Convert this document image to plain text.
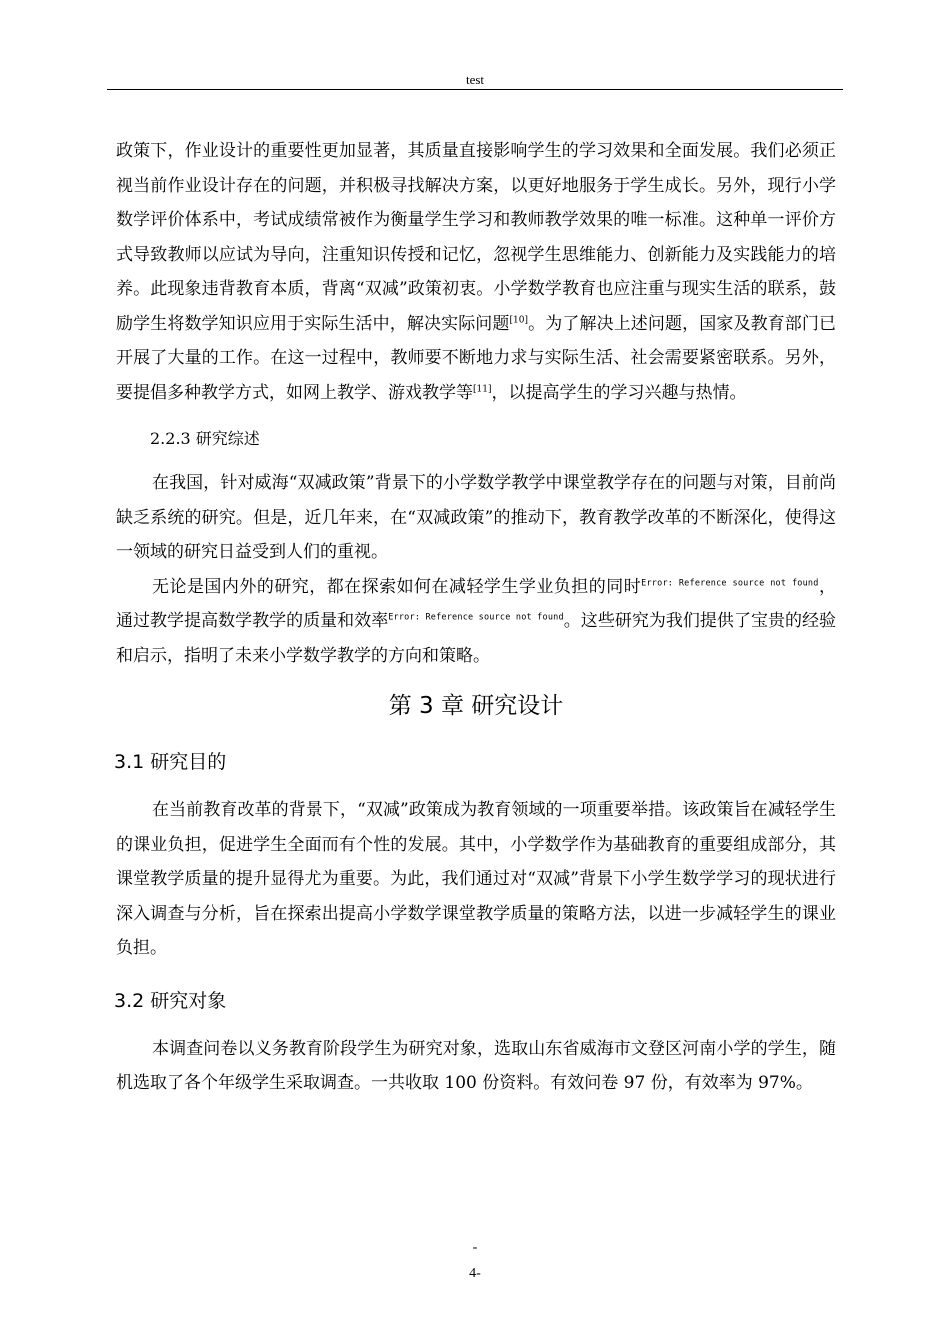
test

政策下，作业设计的重要性更加显著，其质量直接影响学生的学习效果和全面发展。我们必须正视当前作业设计存在的问题，并积极寻找解决方案，以更好地服务于学生成长。另外，现行小学数学评价体系中，考试成绩常被作为衡量学生学习和教师教学效果的唯一标准。这种单一评价方式导致教师以应试为导向，注重知识传授和记忆，忽视学生思维能力、创新能力及实践能力的培养。此现象违背教育本质，背离“双减”政策初衷。小学数学教育也应注重与现实生活的联系，鼓励学生将数学知识应用于实际生活中，解决实际问题[10]。为了解决上述问题，国家及教育部门已开展了大量的工作。在这一过程中，教师要不断地力求与实际生活、社会需要紧密联系。另外，要提倡多种教学方式，如网上教学、游戏教学等[11]，以提高学生的学习兴趣与热情。

2.2.3 研究综述

在我国，针对威海“双减政策”背景下的小学数学教学中课堂教学存在的问题与对策，目前尚缺乏系统的研究。但是，近几年来，在“双减政策”的推动下，教育教学改革的不断深化，使得这一领域的研究日益受到人们的重视。

无论是国内外的研究，都在探索如何在减轻学生学业负担的同时$^{Error: Reference source not found}$，通过教学提高数学教学的质量和效率$^{Error: Reference source not found}$。这些研究为我们提供了宝贵的经验和启示，指明了未来小学数学教学的方向和策略。

第 3 章 研究设计
3.1 研究目的

在当前教育改革的背景下，“双减”政策成为教育领域的一项重要举措。该政策旨在减轻学生的课业负担，促进学生全面而有个性的发展。其中，小学数学作为基础教育的重要组成部分，其课堂教学质量的提升显得尤为重要。为此，我们通过对“双减”背景下小学生数学学习的现状进行深入调查与分析，旨在探索出提高小学数学课堂教学质量的策略方法，以进一步减轻学生的课业负担。

3.2 研究对象

本调查问卷以义务教育阶段学生为研究对象，选取山东省威海市文登区河南小学的学生，随机选取了各个年级学生采取调查。一共收取 100 份资料。有效问卷 97 份，有效率为 97%。

-
4-
